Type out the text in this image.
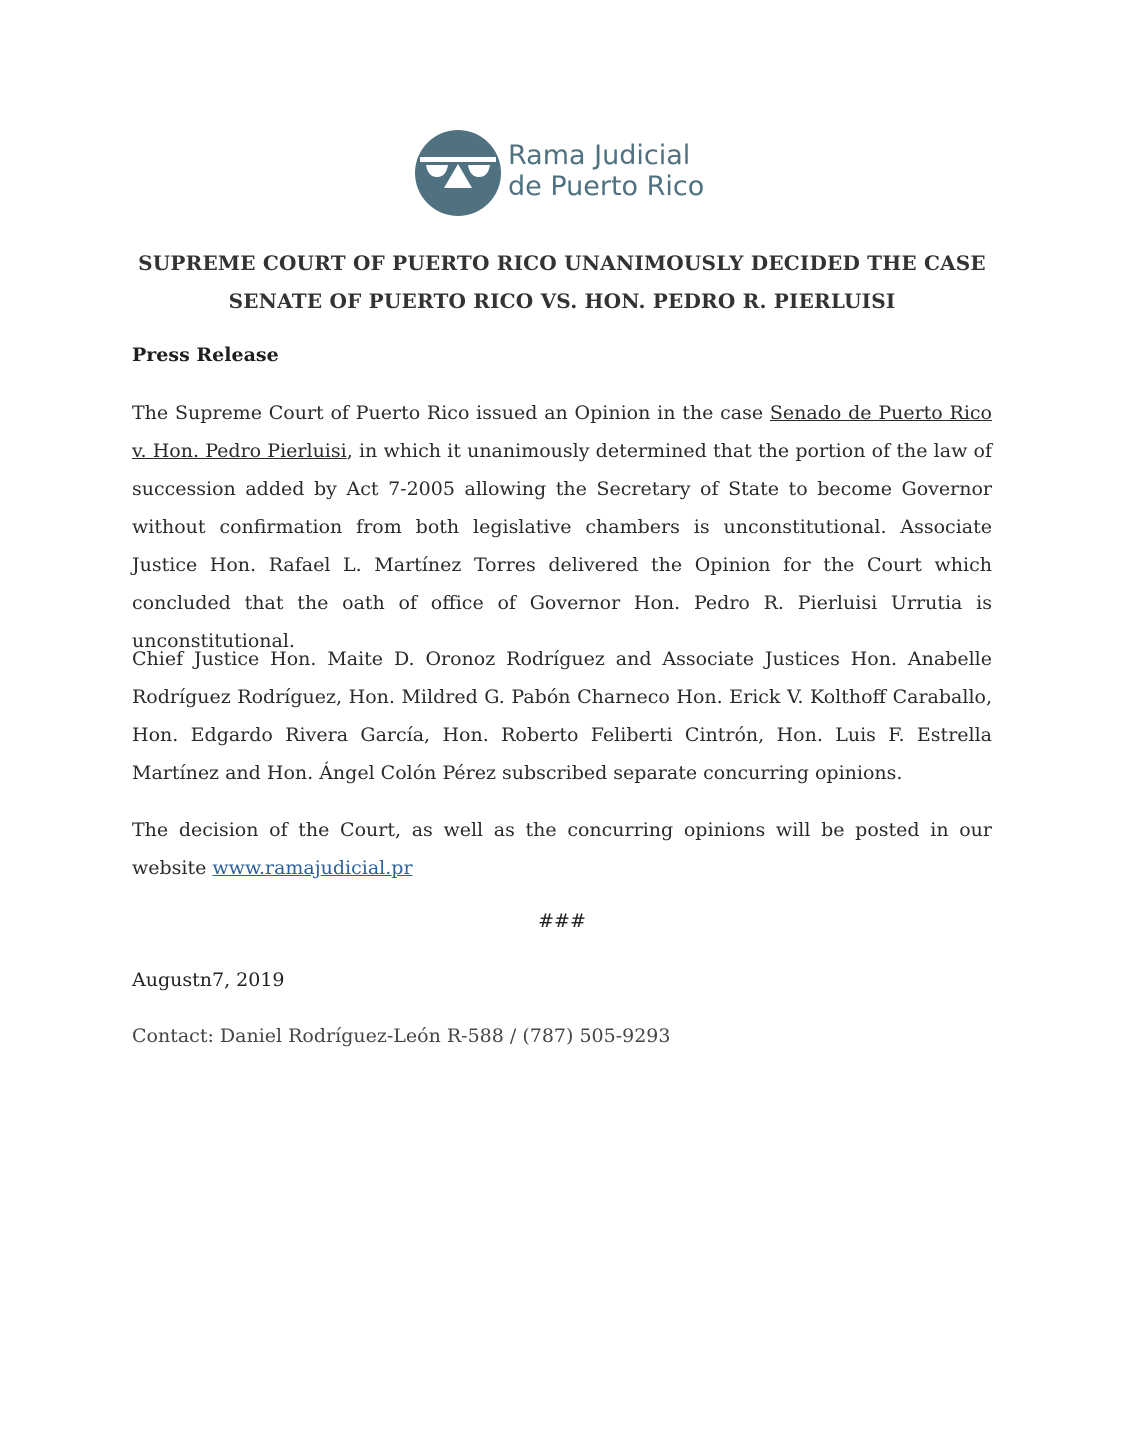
Rama Judicial
de Puerto Rico
SUPREME COURT OF PUERTO RICO UNANIMOUSLY DECIDED THE CASE
SENATE OF PUERTO RICO VS. HON. PEDRO R. PIERLUISI
Press Release
The Supreme Court of Puerto Rico issued an Opinion in the case Senado de Puerto Rico v. Hon. Pedro Pierluisi, in which it unanimously determined that the portion of the law of succession added by Act 7-2005 allowing the Secretary of State to become Governor without confirmation from both legislative chambers is unconstitutional. Associate Justice Hon. Rafael L. Martínez Torres delivered the Opinion for the Court which concluded that the oath of office of Governor Hon. Pedro R. Pierluisi Urrutia is unconstitutional.
Chief Justice Hon. Maite D. Oronoz Rodríguez and Associate Justices Hon. Anabelle Rodríguez Rodríguez, Hon. Mildred G. Pabón Charneco Hon. Erick V. Kolthoff Caraballo, Hon. Edgardo Rivera García, Hon. Roberto Feliberti Cintrón, Hon. Luis F. Estrella Martínez and Hon. Ángel Colón Pérez subscribed separate concurring opinions.
The decision of the Court, as well as the concurring opinions will be posted in our website www.ramajudicial.pr
###
Augustn7, 2019
Contact: Daniel Rodríguez-León R-588 / (787) 505-9293
